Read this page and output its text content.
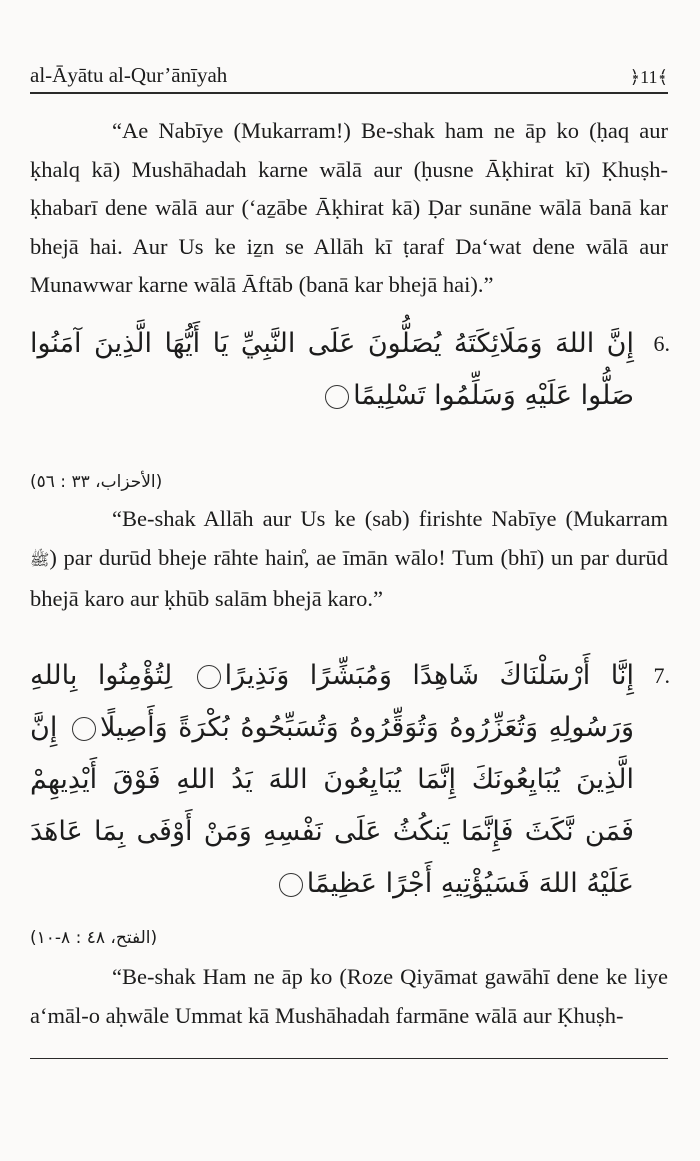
al-Āyātu al-Qur’ānīyah	﴿11﴾
“Ae Nabīye (Mukarram!) Be-shak ham ne āp ko (ḥaq aur ḳhalq kā) Mushāhadah karne wālā aur (ḥusne Āḳhirat kī) Ḳhuṣh-ḳhabarī dene wālā aur (‘aẕābe Āḳhirat kā) Ḍar sunāne wālā banā kar bhejā hai. Aur Us ke iẕn se Allāh kī ṭaraf Da‘wat dene wālā aur Munawwar karne wālā Āftāb (banā kar bhejā hai).”
6.
إِنَّ اللهَ وَمَلَائِكَتَهُ يُصَلُّونَ عَلَى النَّبِيِّ يَا أَيُّهَا الَّذِينَ آمَنُوا صَلُّوا عَلَيْهِ وَسَلِّمُوا تَسْلِيمًا
(الأحزاب، ٣٣ : ٥٦)
“Be-shak Allāh aur Us ke (sab) firishte Nabīye (Mukarram ﷺ) par durūd bheje rāhte hain̊, ae īmān wālo! Tum (bhī) un par durūd bhejā karo aur ḳhūb salām bhejā karo.”
7.
إِنَّا أَرْسَلْنَاكَ شَاهِدًا وَمُبَشِّرًا وَنَذِيرًا لِتُؤْمِنُوا بِاللهِ وَرَسُولِهِ وَتُعَزِّرُوهُ وَتُوَقِّرُوهُ وَتُسَبِّحُوهُ بُكْرَةً وَأَصِيلًا إِنَّ الَّذِينَ يُبَايِعُونَكَ إِنَّمَا يُبَايِعُونَ اللهَ يَدُ اللهِ فَوْقَ أَيْدِيهِمْ فَمَن نَّكَثَ فَإِنَّمَا يَنكُثُ عَلَى نَفْسِهِ وَمَنْ أَوْفَى بِمَا عَاهَدَ عَلَيْهُ اللهَ فَسَيُؤْتِيهِ أَجْرًا عَظِيمًا
(الفتح، ٤٨ : ٨-١٠)
“Be-shak Ham ne āp ko (Roze Qiyāmat gawāhī dene ke liye a‘māl-o aḥwāle Ummat kā Mushāhadah farmāne wālā aur Ḳhuṣh-
